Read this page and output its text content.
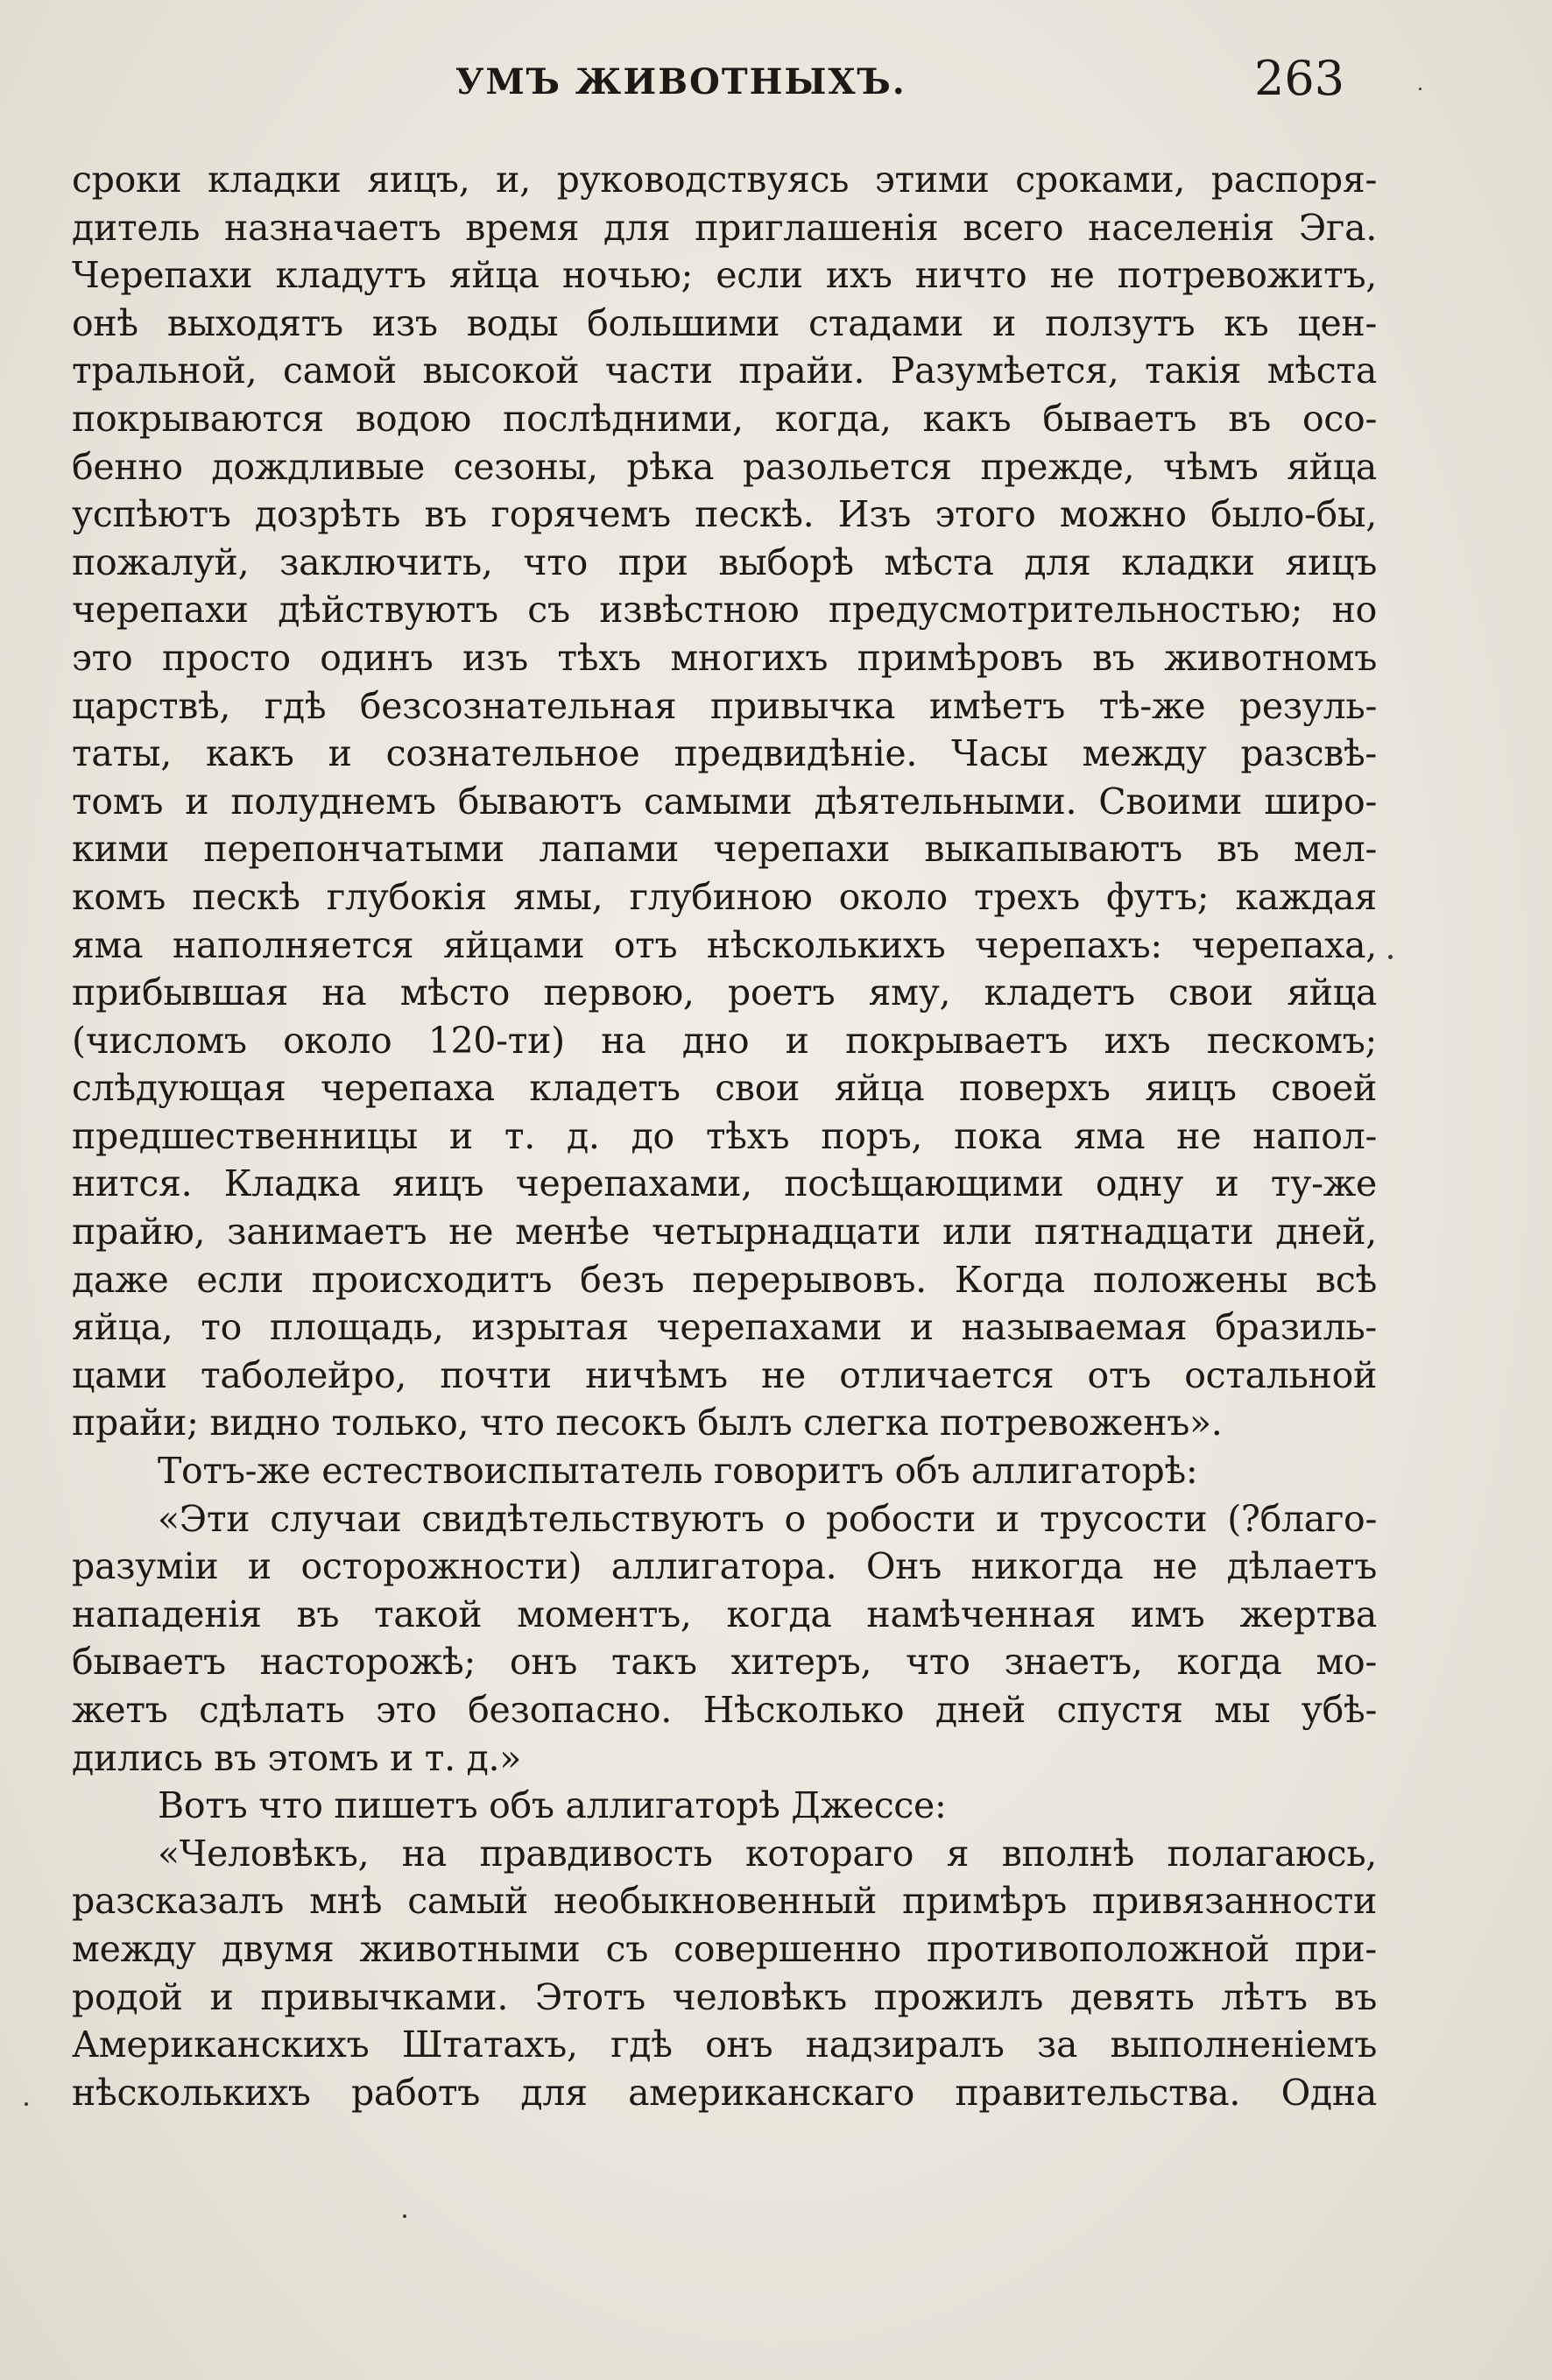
УМЪ ЖИВОТНЫХЪ.	263
сроки кладки яицъ, и, руководствуясь этими сроками, распоря-
дитель назначаетъ время для приглашенія всего населенія Эга.
Черепахи кладутъ яйца ночью; если ихъ ничто не потревожитъ,
онѣ выходятъ изъ воды большими стадами и ползутъ къ цен-
тральной, самой высокой части прайи. Разумѣется, такія мѣста
покрываются водою послѣдними, когда, какъ бываетъ въ осо-
бенно дождливые сезоны, рѣка разольется прежде, чѣмъ яйца
успѣютъ дозрѣть въ горячемъ пескѣ. Изъ этого можно было-бы,
пожалуй, заключить, что при выборѣ мѣста для кладки яицъ
черепахи дѣйствуютъ съ извѣстною предусмотрительностью; но
это просто одинъ изъ тѣхъ многихъ примѣровъ въ животномъ
царствѣ, гдѣ безсознательная привычка имѣетъ тѣ-же резуль-
таты, какъ и сознательное предвидѣніе. Часы между разсвѣ-
томъ и полуднемъ бываютъ самыми дѣятельными. Своими широ-
кими перепончатыми лапами черепахи выкапываютъ въ мел-
комъ пескѣ глубокія ямы, глубиною около трехъ футъ; каждая
яма наполняется яйцами отъ нѣсколькихъ черепахъ: черепаха,
прибывшая на мѣсто первою, роетъ яму, кладетъ свои яйца
(числомъ около 120-ти) на дно и покрываетъ ихъ пескомъ;
слѣдующая черепаха кладетъ свои яйца поверхъ яицъ своей
предшественницы и т. д. до тѣхъ поръ, пока яма не напол-
нится. Кладка яицъ черепахами, посѣщающими одну и ту-же
прайю, занимаетъ не менѣе четырнадцати или пятнадцати дней,
даже если происходитъ безъ перерывовъ. Когда положены всѣ
яйца, то площадь, изрытая черепахами и называемая бразиль-
цами таболейро, почти ничѣмъ не отличается отъ остальной
прайи; видно только, что песокъ былъ слегка потревоженъ».
Тотъ-же естествоиспытатель говоритъ объ аллигаторѣ:
«Эти случаи свидѣтельствуютъ о робости и трусости (?благо-
разуміи и осторожности) аллигатора. Онъ никогда не дѣлаетъ
нападенія въ такой моментъ, когда намѣченная имъ жертва
бываетъ насторожѣ; онъ такъ хитеръ, что знаетъ, когда мо-
жетъ сдѣлать это безопасно. Нѣсколько дней спустя мы убѣ-
дились въ этомъ и т. д.»
Вотъ что пишетъ объ аллигаторѣ Джессе:
«Человѣкъ, на правдивость котораго я вполнѣ полагаюсь,
разсказалъ мнѣ самый необыкновенный примѣръ привязанности
между двумя животными съ совершенно противоположной при-
родой и привычками. Этотъ человѣкъ прожилъ девять лѣтъ въ
Американскихъ Штатахъ, гдѣ онъ надзиралъ за выполненіемъ
нѣсколькихъ работъ для американскаго правительства. Одна
